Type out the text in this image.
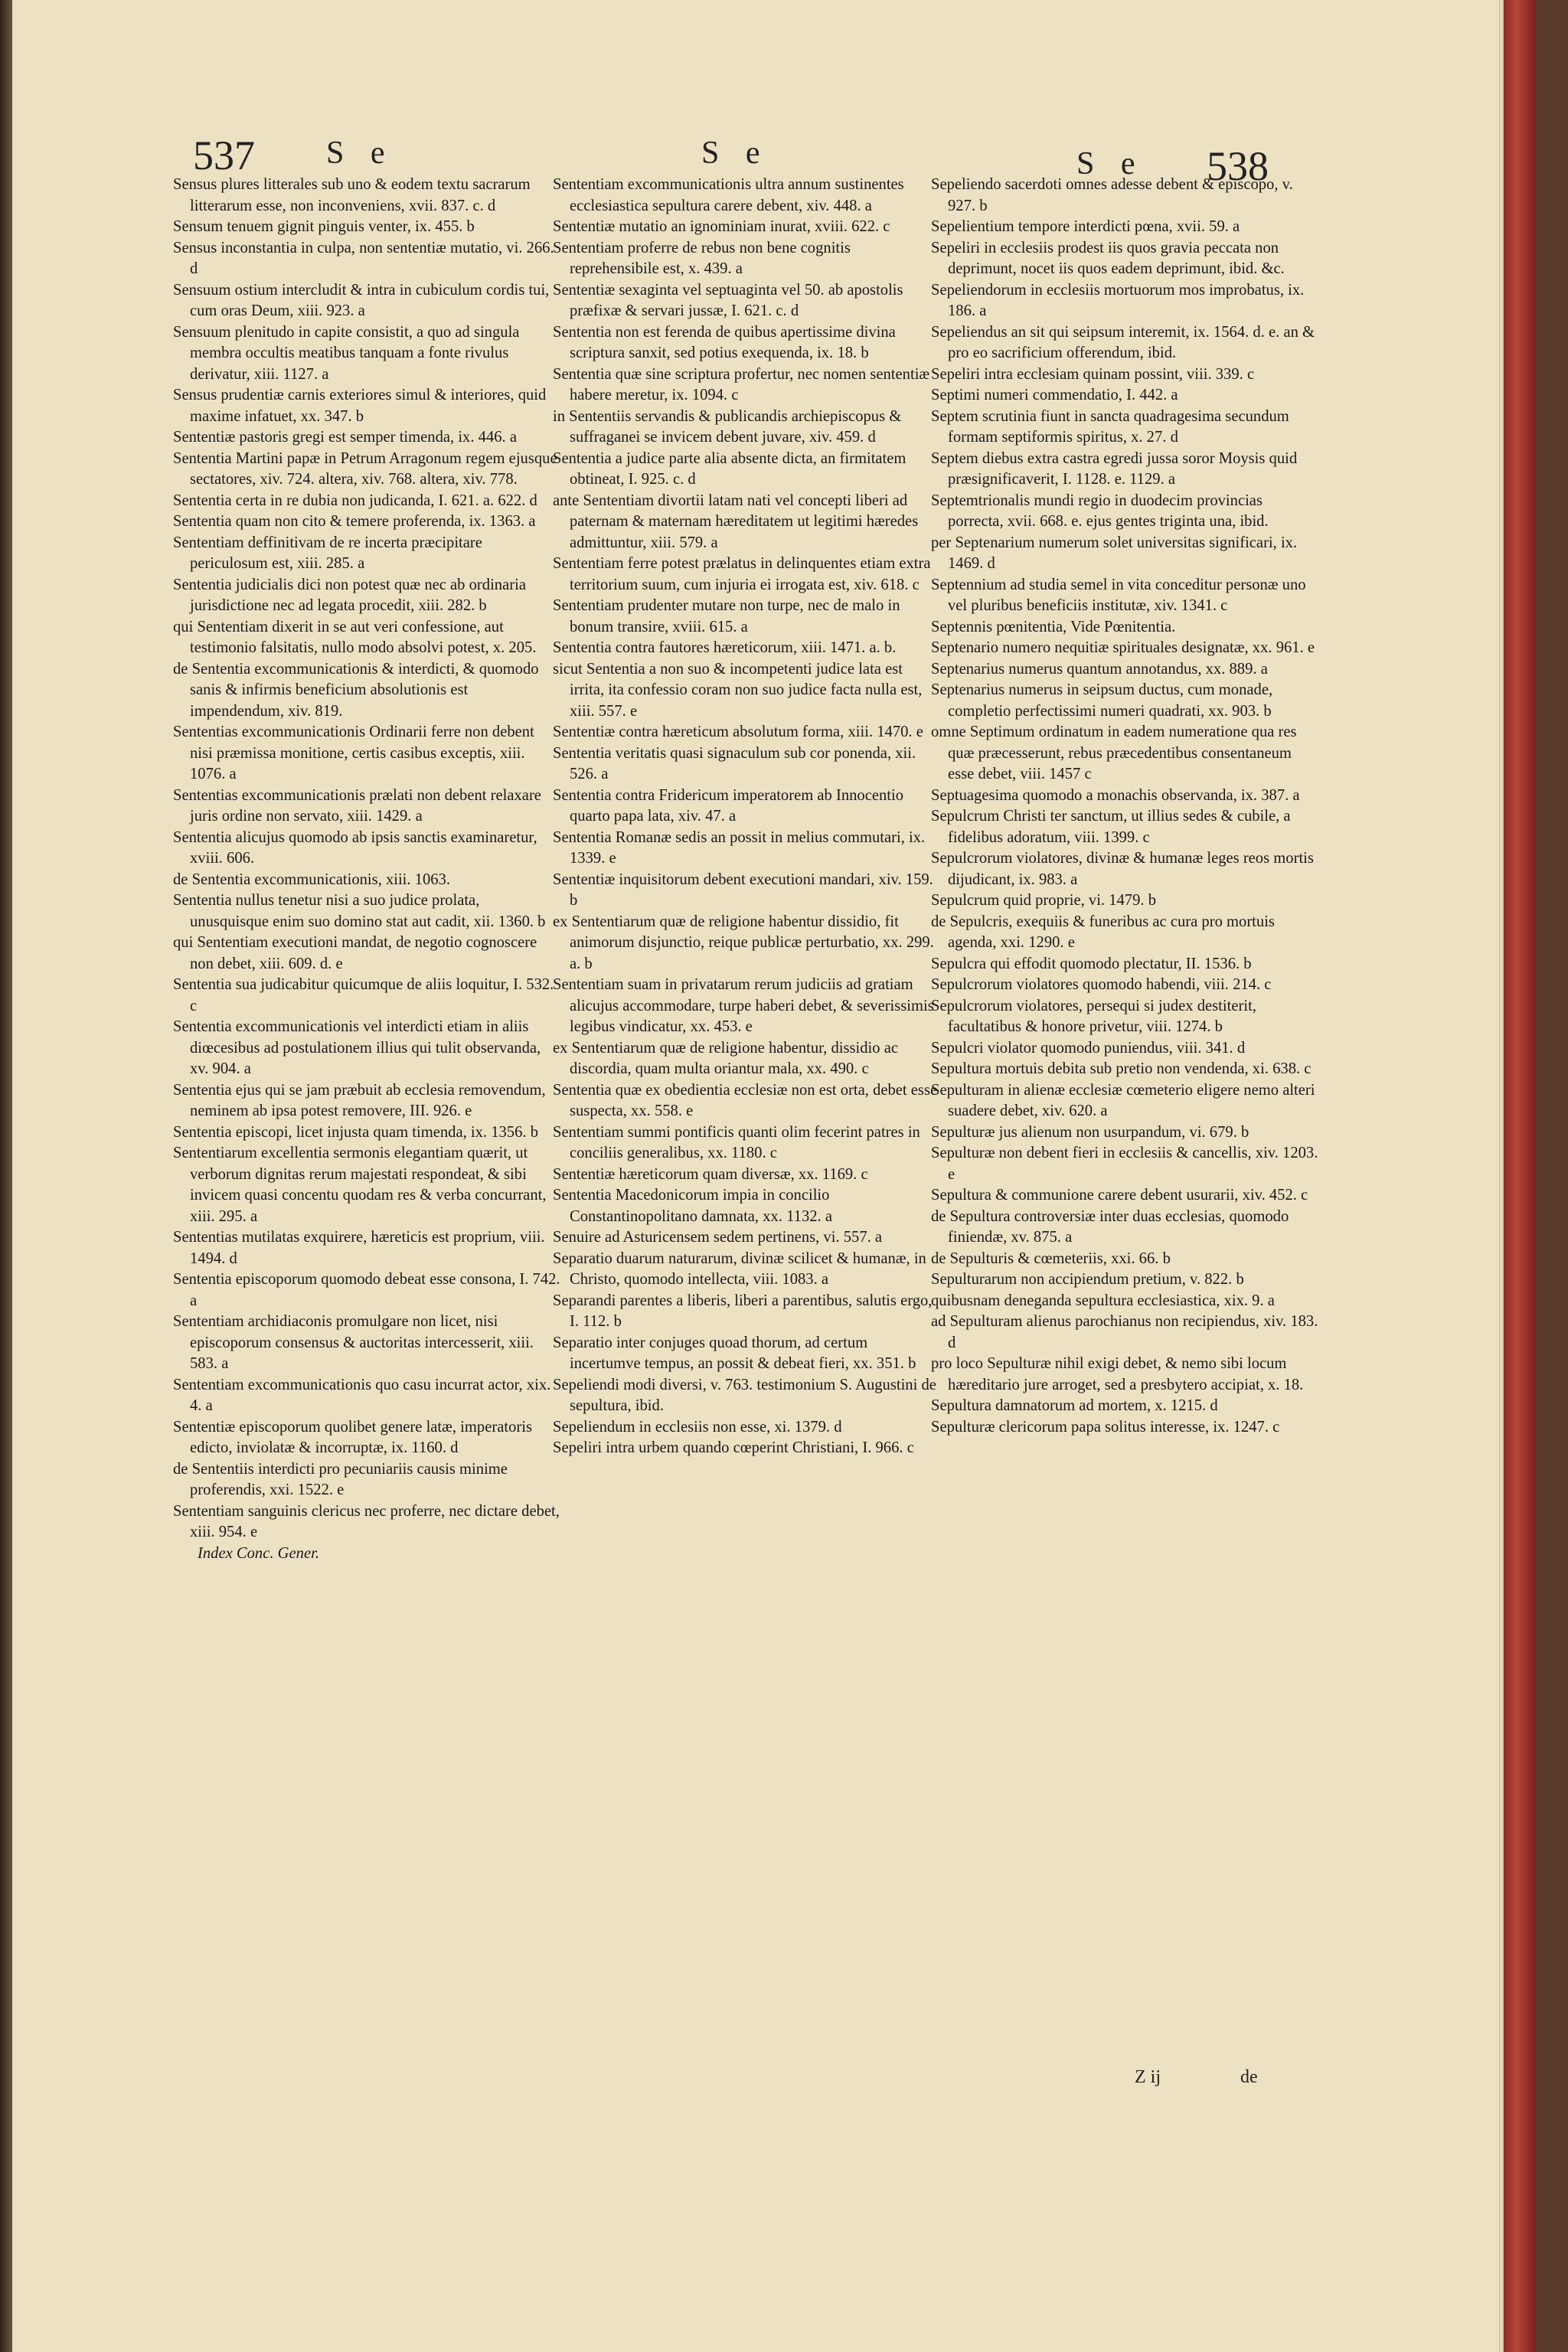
537 S e	S e	S e 538

Sensus plures litterales sub uno & eodem textu sacrarum litterarum esse, non inconveniens, xvii. 837. c. d

Sensum tenuem gignit pinguis venter, ix. 455. b

Sensus inconstantia in culpa, non sententiæ mutatio, vi. 266. d

Sensuum ostium intercludit & intra in cubiculum cordis tui, cum oras Deum, xiii. 923. a

Sensuum plenitudo in capite consistit, a quo ad singula membra occultis meatibus tanquam a fonte rivulus derivatur, xiii. 1127. a

Sensus prudentiæ carnis exteriores simul & interiores, quid maxime infatuet, xx. 347. b

Sententiæ pastoris gregi est semper timenda, ix. 446. a

Sententia Martini papæ in Petrum Arragonum regem ejusque sectatores, xiv. 724. altera, xiv. 768. altera, xiv. 778.

Sententia certa in re dubia non judicanda, I. 621. a. 622. d

Sententia quam non cito & temere proferenda, ix. 1363. a

Sententiam deffinitivam de re incerta præcipitare periculosum est, xiii. 285. a

Sententia judicialis dici non potest quæ nec ab ordinaria jurisdictione nec ad legata procedit, xiii. 282. b

qui Sententiam dixerit in se aut veri confessione, aut testimonio falsitatis, nullo modo absolvi potest, x. 205.

de Sententia excommunicationis & interdicti, & quomodo sanis & infirmis beneficium absolutionis est impendendum, xiv. 819.

Sententias excommunicationis Ordinarii ferre non debent nisi præmissa monitione, certis casibus exceptis, xiii. 1076. a

Sententias excommunicationis prælati non debent relaxare juris ordine non servato, xiii. 1429. a

Sententia alicujus quomodo ab ipsis sanctis examinaretur, xviii. 606.

de Sententia excommunicationis, xiii. 1063.

Sententia nullus tenetur nisi a suo judice prolata, unusquisque enim suo domino stat aut cadit, xii. 1360. b

qui Sententiam executioni mandat, de negotio cognoscere non debet, xiii. 609. d. e

Sententia sua judicabitur quicumque de aliis loquitur, I. 532. c

Sententia excommunicationis vel interdicti etiam in aliis diœcesibus ad postulationem illius qui tulit observanda, xv. 904. a

Sententia ejus qui se jam præbuit ab ecclesia removendum, neminem ab ipsa potest removere, III. 926. e

Sententia episcopi, licet injusta quam timenda, ix. 1356. b

Sententiarum excellentia sermonis elegantiam quærit, ut verborum dignitas rerum majestati respondeat, & sibi invicem quasi concentu quodam res & verba concurrant, xiii. 295. a

Sententias mutilatas exquirere, hæreticis est proprium, viii. 1494. d

Sententia episcoporum quomodo debeat esse consona, I. 742. a

Sententiam archidiaconis promulgare non licet, nisi episcoporum consensus & auctoritas intercesserit, xiii. 583. a

Sententiam excommunicationis quo casu incurrat actor, xix. 4. a

Sententiæ episcoporum quolibet genere latæ, imperatoris edicto, inviolatæ & incorruptæ, ix. 1160. d

de Sententiis interdicti pro pecuniariis causis minime proferendis, xxi. 1522. e

Sententiam sanguinis clericus nec proferre, nec dictare debet, xiii. 954. e

Index Conc. Gener.

Sententiam excommunicationis ultra annum sustinentes ecclesiastica sepultura carere debent, xiv. 448. a

Sententiæ mutatio an ignominiam inurat, xviii. 622. c

Sententiam proferre de rebus non bene cognitis reprehensibile est, x. 439. a

Sententiæ sexaginta vel septuaginta vel 50. ab apostolis præfixæ & servari jussæ, I. 621. c. d

Sententia non est ferenda de quibus apertissime divina scriptura sanxit, sed potius exequenda, ix. 18. b

Sententia quæ sine scriptura profertur, nec nomen sententiæ habere meretur, ix. 1094. c

in Sententiis servandis & publicandis archiepiscopus & suffraganei se invicem debent juvare, xiv. 459. d

Sententia a judice parte alia absente dicta, an firmitatem obtineat, I. 925. c. d

ante Sententiam divortii latam nati vel concepti liberi ad paternam & maternam hæreditatem ut legitimi hæredes admittuntur, xiii. 579. a

Sententiam ferre potest prælatus in delinquentes etiam extra territorium suum, cum injuria ei irrogata est, xiv. 618. c

Sententiam prudenter mutare non turpe, nec de malo in bonum transire, xviii. 615. a

Sententia contra fautores hæreticorum, xiii. 1471. a. b.

sicut Sententia a non suo & incompetenti judice lata est irrita, ita confessio coram non suo judice facta nulla est, xiii. 557. e

Sententiæ contra hæreticum absolutum forma, xiii. 1470. e

Sententia veritatis quasi signaculum sub cor ponenda, xii. 526. a

Sententia contra Fridericum imperatorem ab Innocentio quarto papa lata, xiv. 47. a

Sententia Romanæ sedis an possit in melius commutari, ix. 1339. e

Sententiæ inquisitorum debent executioni mandari, xiv. 159. b

ex Sententiarum quæ de religione habentur dissidio, fit animorum disjunctio, reique publicæ perturbatio, xx. 299. a. b

Sententiam suam in privatarum rerum judiciis ad gratiam alicujus accommodare, turpe haberi debet, & severissimis legibus vindicatur, xx. 453. e

ex Sententiarum quæ de religione habentur, dissidio ac discordia, quam multa oriantur mala, xx. 490. c

Sententia quæ ex obedientia ecclesiæ non est orta, debet esse suspecta, xx. 558. e

Sententiam summi pontificis quanti olim fecerint patres in conciliis generalibus, xx. 1180. c

Sententiæ hæreticorum quam diversæ, xx. 1169. c

Sententia Macedonicorum impia in concilio Constantinopolitano damnata, xx. 1132. a

Senuire ad Asturicensem sedem pertinens, vi. 557. a

Separatio duarum naturarum, divinæ scilicet & humanæ, in Christo, quomodo intellecta, viii. 1083. a

Separandi parentes a liberis, liberi a parentibus, salutis ergo, I. 112. b

Separatio inter conjuges quoad thorum, ad certum incertumve tempus, an possit & debeat fieri, xx. 351. b

Sepeliendi modi diversi, v. 763. testimonium S. Augustini de sepultura, ibid.

Sepeliendum in ecclesiis non esse, xi. 1379. d

Sepeliri intra urbem quando cœperint Christiani, I. 966. c

Sepeliendo sacerdoti omnes adesse debent & episcopo, v. 927. b

Sepelientium tempore interdicti pœna, xvii. 59. a

Sepeliri in ecclesiis prodest iis quos gravia peccata non deprimunt, nocet iis quos eadem deprimunt, ibid. &c.

Sepeliendorum in ecclesiis mortuorum mos improbatus, ix. 186. a

Sepeliendus an sit qui seipsum interemit, ix. 1564. d. e. an & pro eo sacrificium offerendum, ibid.

Sepeliri intra ecclesiam quinam possint, viii. 339. c

Septimi numeri commendatio, I. 442. a

Septem scrutinia fiunt in sancta quadragesima secundum formam septiformis spiritus, x. 27. d

Septem diebus extra castra egredi jussa soror Moysis quid præsignificaverit, I. 1128. e. 1129. a

Septemtrionalis mundi regio in duodecim provincias porrecta, xvii. 668. e. ejus gentes triginta una, ibid.

per Septenarium numerum solet universitas significari, ix. 1469. d

Septennium ad studia semel in vita conceditur personæ uno vel pluribus beneficiis institutæ, xiv. 1341. c

Septennis pœnitentia, Vide Pœnitentia.

Septenario numero nequitiæ spirituales designatæ, xx. 961. e

Septenarius numerus quantum annotandus, xx. 889. a

Septenarius numerus in seipsum ductus, cum monade, completio perfectissimi numeri quadrati, xx. 903. b

omne Septimum ordinatum in eadem numeratione qua res quæ præcesserunt, rebus præcedentibus consentaneum esse debet, viii. 1457 c

Septuagesima quomodo a monachis observanda, ix. 387. a

Sepulcrum Christi ter sanctum, ut illius sedes & cubile, a fidelibus adoratum, viii. 1399. c

Sepulcrorum violatores, divinæ & humanæ leges reos mortis dijudicant, ix. 983. a

Sepulcrum quid proprie, vi. 1479. b

de Sepulcris, exequiis & funeribus ac cura pro mortuis agenda, xxi. 1290. e

Sepulcra qui effodit quomodo plectatur, II. 1536. b

Sepulcrorum violatores quomodo habendi, viii. 214. c

Sepulcrorum violatores, persequi si judex destiterit, facultatibus & honore privetur, viii. 1274. b

Sepulcri violator quomodo puniendus, viii. 341. d

Sepultura mortuis debita sub pretio non vendenda, xi. 638. c

Sepulturam in alienæ ecclesiæ cœmeterio eligere nemo alteri suadere debet, xiv. 620. a

Sepulturæ jus alienum non usurpandum, vi. 679. b

Sepulturæ non debent fieri in ecclesiis & cancellis, xiv. 1203. e

Sepultura & communione carere debent usurarii, xiv. 452. c

de Sepultura controversiæ inter duas ecclesias, quomodo finiendæ, xv. 875. a

de Sepulturis & cœmeteriis, xxi. 66. b

Sepulturarum non accipiendum pretium, v. 822. b

quibusnam deneganda sepultura ecclesiastica, xix. 9. a

ad Sepulturam alienus parochianus non recipiendus, xiv. 183. d

pro loco Sepulturæ nihil exigi debet, & nemo sibi locum hæreditario jure arroget, sed a presbytero accipiat, x. 18.

Sepultura damnatorum ad mortem, x. 1215. d

Sepulturæ clericorum papa solitus interesse, ix. 1247. c

Z ij	de
